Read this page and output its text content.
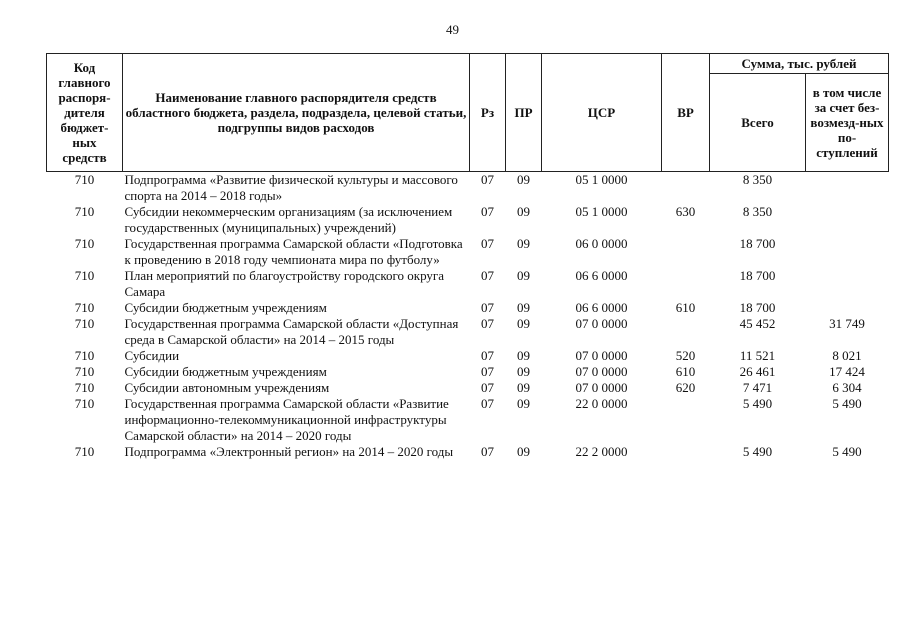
49
Код главного распоря-дителя бюджет-ных средств	Наименование главного распорядителя средств областного бюджета, раздела, подраздела, целевой статьи, подгруппы видов расходов	Рз	ПР	ЦСР	ВР	Сумма, тыс. рублей	
						Всего	в том числе за счет без-возмезд-ных по-ступлений
710	Подпрограмма «Развитие физической культуры и массового спорта на 2014 – 2018 годы»	07	09	05 1 0000		8 350	
710	Субсидии некоммерческим организациям (за исключением государственных (муниципальных) учреждений)	07	09	05 1 0000	630	8 350	
710	Государственная программа Самарской области «Подготовка к проведению в 2018 году чемпионата мира по футболу»	07	09	06 0 0000		18 700	
710	План мероприятий по благоустройству городского округа Самара	07	09	06 6 0000		18 700	
710	Субсидии бюджетным учреждениям	07	09	06 6 0000	610	18 700	
710	Государственная программа Самарской области «Доступная среда в Самарской области» на 2014 – 2015 годы	07	09	07 0 0000		45 452	31 749
710	Субсидии	07	09	07 0 0000	520	11 521	8 021
710	Субсидии бюджетным учреждениям	07	09	07 0 0000	610	26 461	17 424
710	Субсидии автономным учреждениям	07	09	07 0 0000	620	7 471	6 304
710	Государственная программа Самарской области «Развитие информационно-телекоммуникационной инфраструктуры Самарской области» на 2014 – 2020 годы	07	09	22 0 0000		5 490	5 490
710	Подпрограмма «Электронный регион» на 2014 – 2020 годы	07	09	22 2 0000		5 490	5 490
